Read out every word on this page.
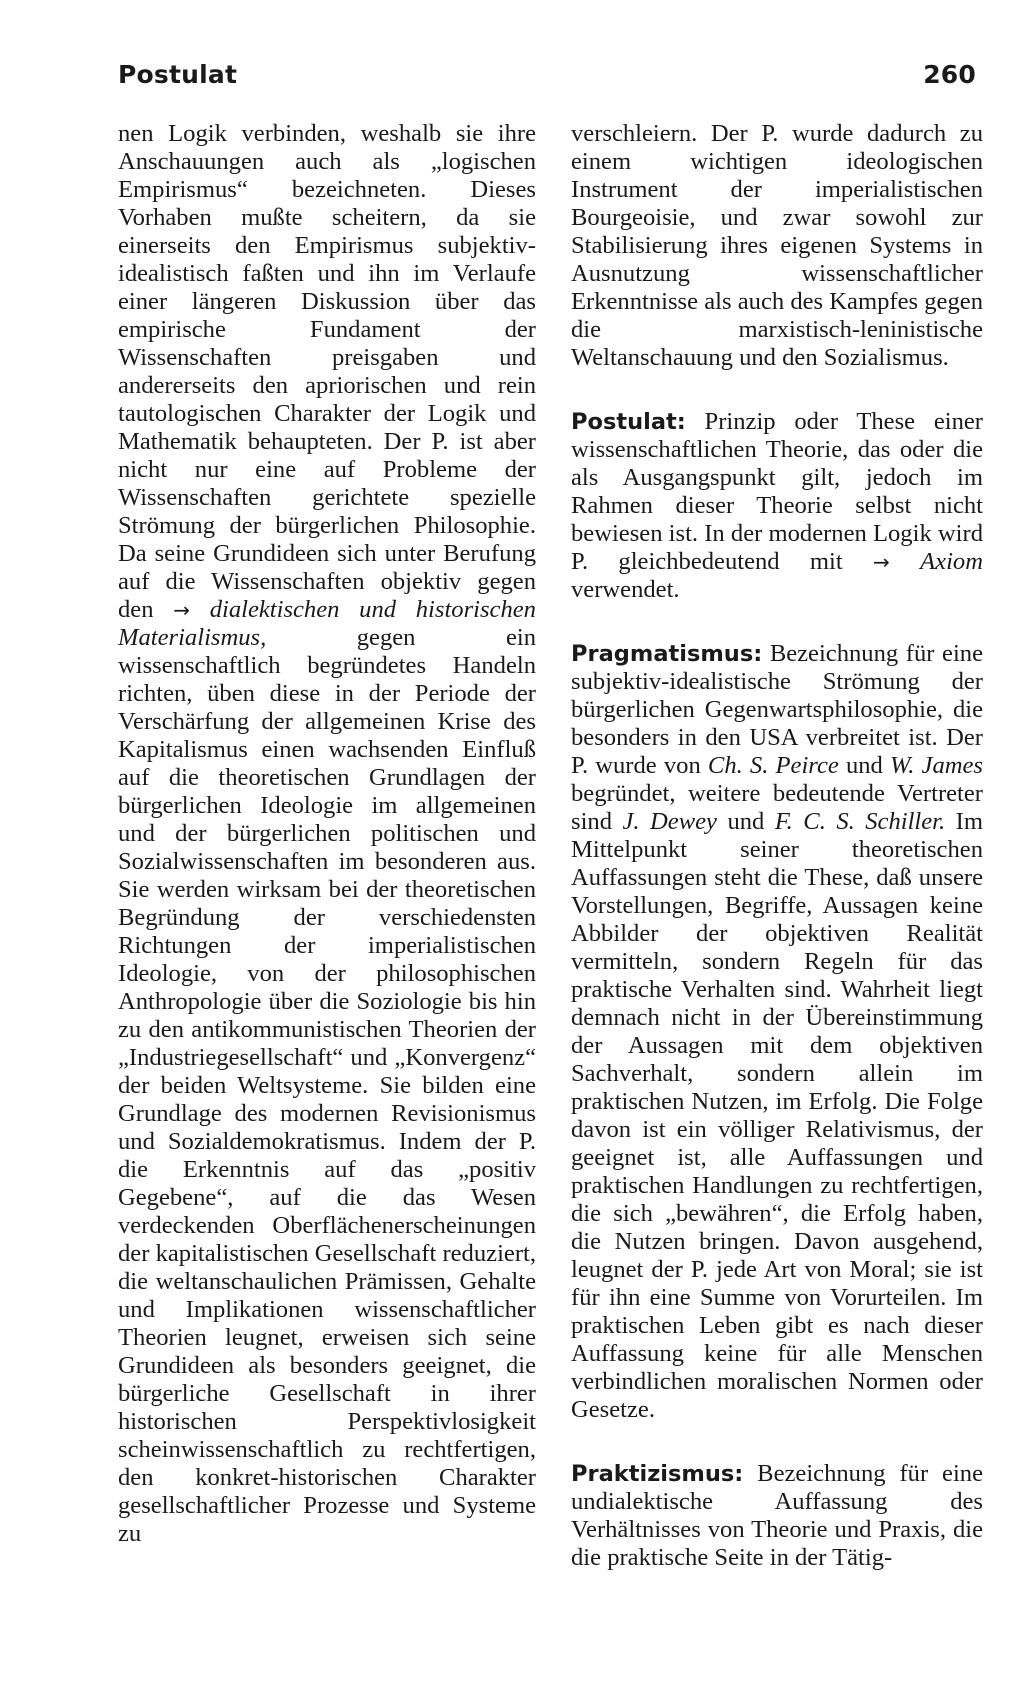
Postulat	260

nen Logik verbinden, weshalb sie ihre Anschauungen auch als „logischen Empirismus“ bezeichneten. Dieses Vorhaben mußte scheitern, da sie einerseits den Empirismus subjektiv-idealistisch faßten und ihn im Verlaufe einer längeren Diskussion über das empirische Fundament der Wissenschaften preisgaben und andererseits den apriorischen und rein tautologischen Charakter der Logik und Mathematik behaupteten. Der P. ist aber nicht nur eine auf Probleme der Wissenschaften gerichtete spezielle Strömung der bürgerlichen Philosophie. Da seine Grundideen sich unter Berufung auf die Wissenschaften objektiv gegen den → dialektischen und historischen Materialismus,	gegen ein wissenschaftlich begründetes Handeln richten, üben diese in der Periode der Verschärfung der allgemeinen Krise des Kapitalismus einen wachsenden Einfluß auf die theoretischen Grundlagen der bürgerlichen Ideologie im allgemeinen und der bürgerlichen politischen und Sozialwissenschaften im besonderen aus. Sie werden wirksam bei der theoretischen Begründung der verschiedensten Richtungen der imperialistischen Ideologie, von der philosophischen Anthropologie über die Soziologie bis hin zu den antikommunistischen Theorien der „Industriegesellschaft“ und „Konvergenz“ der beiden Weltsysteme. Sie bilden eine Grundlage des modernen Revisionismus und Sozialdemokratismus. Indem der P. die Erkenntnis auf das „positiv Gegebene“, auf die das Wesen verdeckenden Oberflächenerscheinungen der kapitalistischen Gesellschaft reduziert, die weltanschaulichen Prämissen, Gehalte und Implikationen wissenschaftlicher Theorien leugnet, erweisen sich seine Grundideen als besonders geeignet, die bürgerliche Gesellschaft in ihrer historischen Perspektivlosigkeit scheinwissenschaftlich zu rechtfertigen, den konkret-historischen Charakter gesellschaftlicher Prozesse und Systeme zu

verschleiern. Der P. wurde dadurch zu einem wichtigen ideologischen Instrument der imperialistischen Bourgeoisie, und zwar sowohl zur Stabilisierung ihres eigenen Systems in Ausnutzung wissenschaftlicher Erkenntnisse als auch des Kampfes gegen die marxistisch-leninistische Weltanschauung und den Sozialismus.

Postulat: Prinzip oder These einer wissenschaftlichen Theorie, das oder die als Ausgangspunkt gilt, jedoch im Rahmen dieser Theorie selbst nicht bewiesen ist. In der modernen Logik wird P. gleichbedeutend mit → Axiom verwendet.

Pragmatismus: Bezeichnung für eine subjektiv-idealistische Strömung der bürgerlichen Gegenwartsphilosophie, die besonders in den USA verbreitet ist. Der P. wurde von Ch. S. Peirce und W. James begründet, weitere bedeutende Vertreter sind J. Dewey und F. C. S. Schiller. Im Mittelpunkt seiner theoretischen Auffassungen steht die These, daß unsere Vorstellungen, Begriffe, Aussagen keine Abbilder der objektiven Realität vermitteln, sondern Regeln für das praktische Verhalten sind. Wahrheit liegt demnach nicht in der Übereinstimmung der Aussagen mit dem objektiven Sachverhalt, sondern allein im praktischen Nutzen, im Erfolg. Die Folge davon ist ein völliger Relativismus, der geeignet ist, alle Auffassungen und praktischen Handlungen zu rechtfertigen, die sich „bewähren“, die Erfolg haben, die Nutzen bringen. Davon ausgehend, leugnet der P. jede Art von Moral; sie ist für ihn eine Summe von Vorurteilen. Im praktischen Leben gibt es nach dieser Auffassung keine für alle Menschen verbindlichen moralischen Normen oder Gesetze.

Praktizismus: Bezeichnung für eine undialektische Auffassung des Verhältnisses von Theorie und Praxis, die die praktische Seite in der Tätig-
